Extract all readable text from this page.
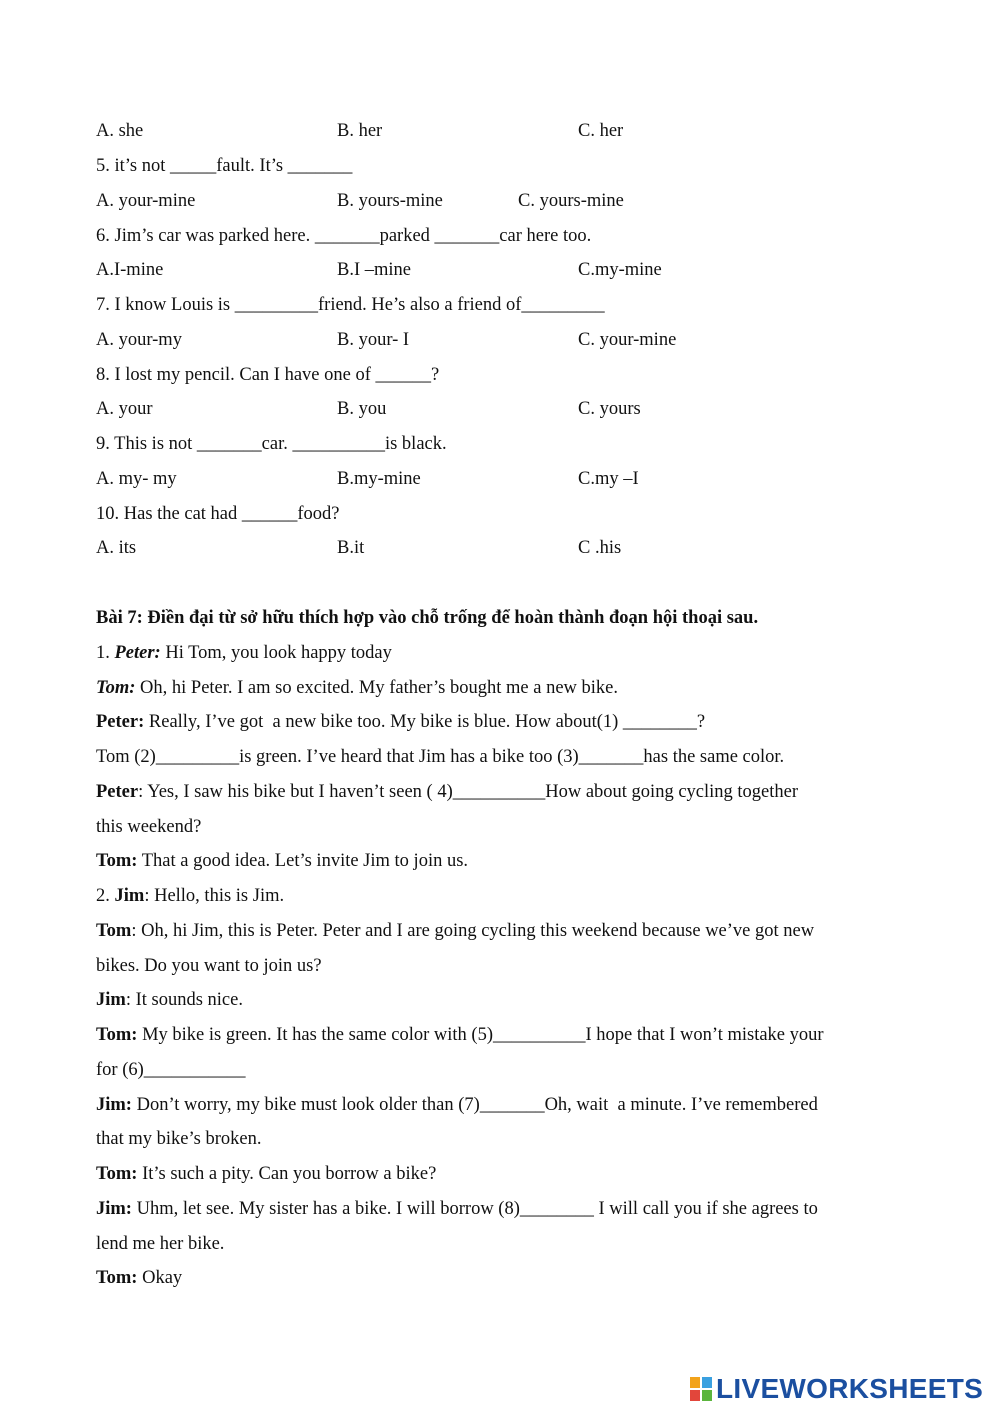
A. she	B. her	C. her
5. it’s not _____fault. It’s _______
A. your-mine	B. yours-mine	C. yours-mine
6. Jim’s car was parked here. _______parked _______car here too.
A.I-mine	B.I –mine	C.my-mine
7. I know Louis is _________friend. He’s also a friend of_________
A. your-my	B. your- I	C. your-mine
8. I lost my pencil. Can I have one of ______?
A. your	B. you	C. yours
9. This is not _______car. __________is black.
A. my- my	B.my-mine	C.my –I
10. Has the cat had ______food?
A. its	B.it	C .his
Bài 7: Điền đại từ sở hữu thích hợp vào chỗ trống để hoàn thành đoạn hội thoại sau.
1. Peter: Hi Tom, you look happy today
Tom: Oh, hi Peter. I am so excited. My father’s bought me a new bike.
Peter: Really, I’ve got  a new bike too. My bike is blue. How about(1) ________?
Tom (2)_________is green. I’ve heard that Jim has a bike too (3)_______has the same color.
Peter: Yes, I saw his bike but I haven’t seen ( 4)__________How about going cycling together
this weekend?
Tom: That a good idea. Let’s invite Jim to join us.
2. Jim: Hello, this is Jim.
Tom: Oh, hi Jim, this is Peter. Peter and I are going cycling this weekend because we’ve got new
bikes. Do you want to join us?
Jim: It sounds nice.
Tom: My bike is green. It has the same color with (5)__________I hope that I won’t mistake your
for (6)___________
Jim: Don’t worry, my bike must look older than (7)_______Oh, wait  a minute. I’ve remembered
that my bike’s broken.
Tom: It’s such a pity. Can you borrow a bike?
Jim: Uhm, let see. My sister has a bike. I will borrow (8)________ I will call you if she agrees to
lend me her bike.
Tom: Okay
LIVEWORKSHEETS
